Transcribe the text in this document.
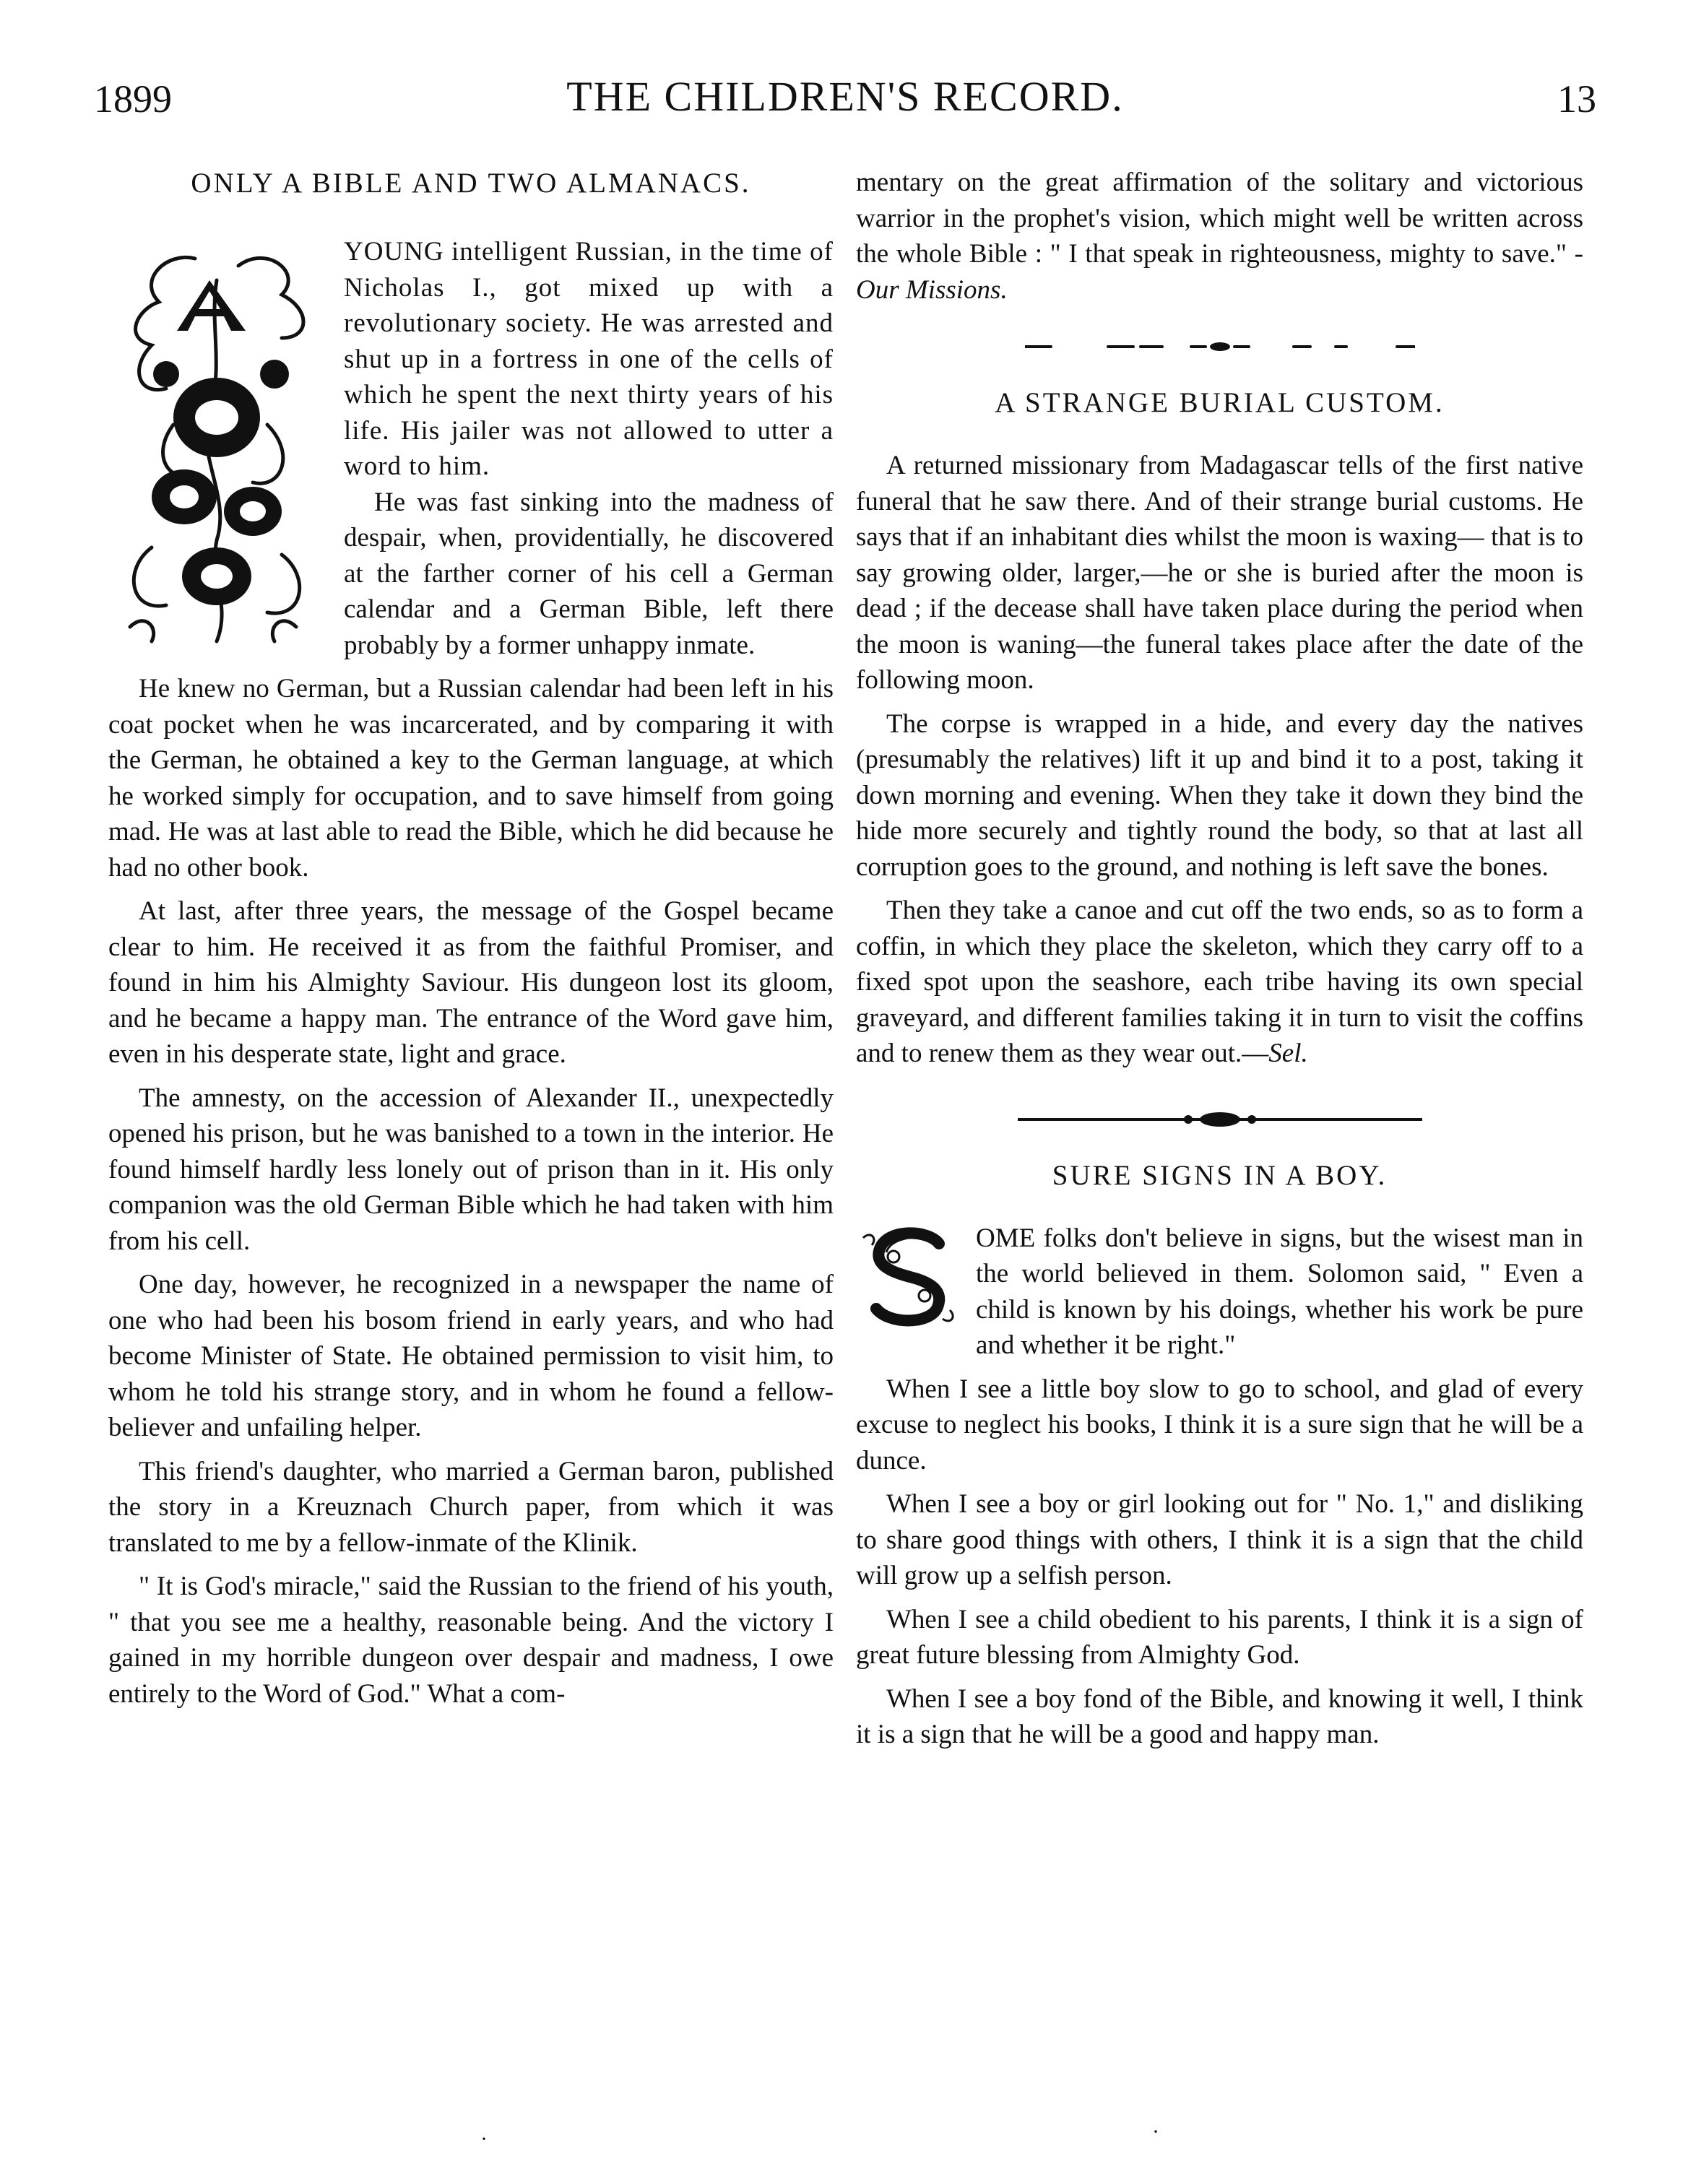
1899	THE CHILDREN'S RECORD.	13
ONLY A BIBLE AND TWO ALMANACS.

YOUNG intelligent Russian, in the time of Nicholas I., got mixed up with a revolutionary society. He was arrested and shut up in a fortress in one of the cells of which he spent the next thirty years of his life. His jailer was not allowed to utter a word to him.

He was fast sinking into the madness of despair, when, providentially, he discovered at the farther corner of his cell a German calendar and a German Bible, left there probably by a former unhappy inmate.

He knew no German, but a Russian calendar had been left in his coat pocket when he was incarcerated, and by comparing it with the German, he obtained a key to the German language, at which he worked simply for occupation, and to save himself from going mad. He was at last able to read the Bible, which he did because he had no other book.

At last, after three years, the message of the Gospel became clear to him. He received it as from the faithful Promiser, and found in him his Almighty Saviour. His dungeon lost its gloom, and he became a happy man. The entrance of the Word gave him, even in his desperate state, light and grace.

The amnesty, on the accession of Alexander II., unexpectedly opened his prison, but he was banished to a town in the interior. He found himself hardly less lonely out of prison than in it. His only companion was the old German Bible which he had taken with him from his cell.

One day, however, he recognized in a newspaper the name of one who had been his bosom friend in early years, and who had become Minister of State. He obtained permission to visit him, to whom he told his strange story, and in whom he found a fellow-believer and unfailing helper.

This friend's daughter, who married a German baron, published the story in a Kreuznach Church paper, from which it was translated to me by a fellow-inmate of the Klinik.

" It is God's miracle," said the Russian to the friend of his youth, " that you see me a healthy, reasonable being. And the victory I gained in my horrible dungeon over despair and madness, I owe entirely to the Word of God." What a com-

mentary on the great affirmation of the solitary and victorious warrior in the prophet's vision, which might well be written across the whole Bible : " I that speak in righteousness, mighty to save." - Our Missions.

A STRANGE BURIAL CUSTOM.

A returned missionary from Madagascar tells of the first native funeral that he saw there. And of their strange burial customs. He says that if an inhabitant dies whilst the moon is waxing— that is to say growing older, larger,—he or she is buried after the moon is dead ; if the decease shall have taken place during the period when the moon is waning—the funeral takes place after the date of the following moon.

The corpse is wrapped in a hide, and every day the natives (presumably the relatives) lift it up and bind it to a post, taking it down morning and evening. When they take it down they bind the hide more securely and tightly round the body, so that at last all corruption goes to the ground, and nothing is left save the bones.

Then they take a canoe and cut off the two ends, so as to form a coffin, in which they place the skeleton, which they carry off to a fixed spot upon the seashore, each tribe having its own special graveyard, and different families taking it in turn to visit the coffins and to renew them as they wear out.—Sel.

SURE SIGNS IN A BOY.

OME folks don't believe in signs, but the wisest man in the world believed in them. Solomon said, " Even a child is known by his doings, whether his work be pure and whether it be right."

When I see a little boy slow to go to school, and glad of every excuse to neglect his books, I think it is a sure sign that he will be a dunce.

When I see a boy or girl looking out for " No. 1," and disliking to share good things with others, I think it is a sign that the child will grow up a selfish person.

When I see a child obedient to his parents, I think it is a sign of great future blessing from Almighty God.

When I see a boy fond of the Bible, and knowing it well, I think it is a sign that he will be a good and happy man.

·	·
